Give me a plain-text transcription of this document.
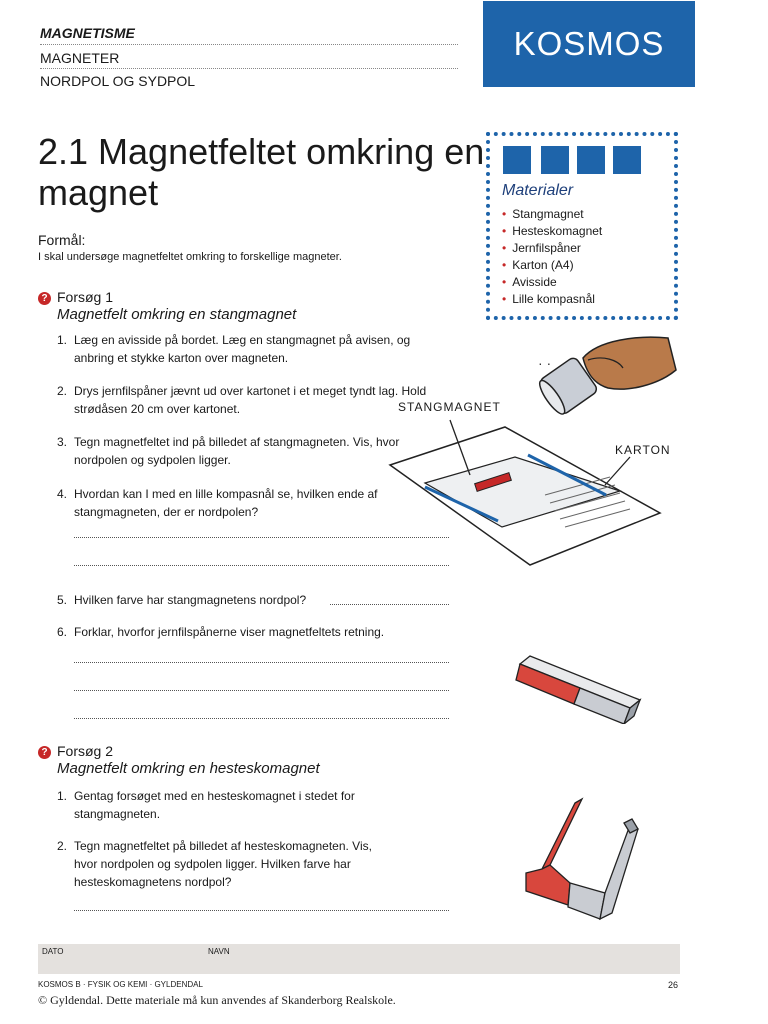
MAGNETISME
MAGNETER
NORDPOL OG SYDPOL
KOSMOS
2.1 Magnetfeltet omkring en magnet
Formål:
I skal undersøge magnetfeltet omkring to forskellige magneter.
Materialer
• Stangmagnet
• Hesteskomagnet
• Jernfilspåner
• Karton (A4)
• Avisside
• Lille kompasnål
? Forsøg 1
Magnetfelt omkring en stangmagnet
1. Læg en avisside på bordet. Læg en stangmagnet på avisen, og anbring et stykke karton over magneten.
2. Drys jernfilspåner jævnt ud over kartonet i et meget tyndt lag. Hold strødåsen 20 cm over kartonet.
3. Tegn magnetfeltet ind på billedet af stangmagneten. Vis, hvor nordpolen og sydpolen ligger.
4. Hvordan kan I med en lille kompasnål se, hvilken ende af stangmagneten, der er nordpolen?
5. Hvilken farve har stangmagnetens nordpol?
6. Forklar, hvorfor jernfilspånerne viser magnetfeltets retning.
? Forsøg 2
Magnetfelt omkring en hesteskomagnet
1. Gentag forsøget med en hesteskomagnet i stedet for stangmagneten.
2. Tegn magnetfeltet på billedet af hesteskomagneten. Vis, hvor nordpolen og sydpolen ligger. Hvilken farve har hesteskomagnetens nordpol?
· ·
STANGMAGNET
KARTON
DATO	NAVN
KOSMOS B · FYSIK OG KEMI · GYLDENDAL	26
© Gyldendal. Dette materiale må kun anvendes af Skanderborg Realskole.
